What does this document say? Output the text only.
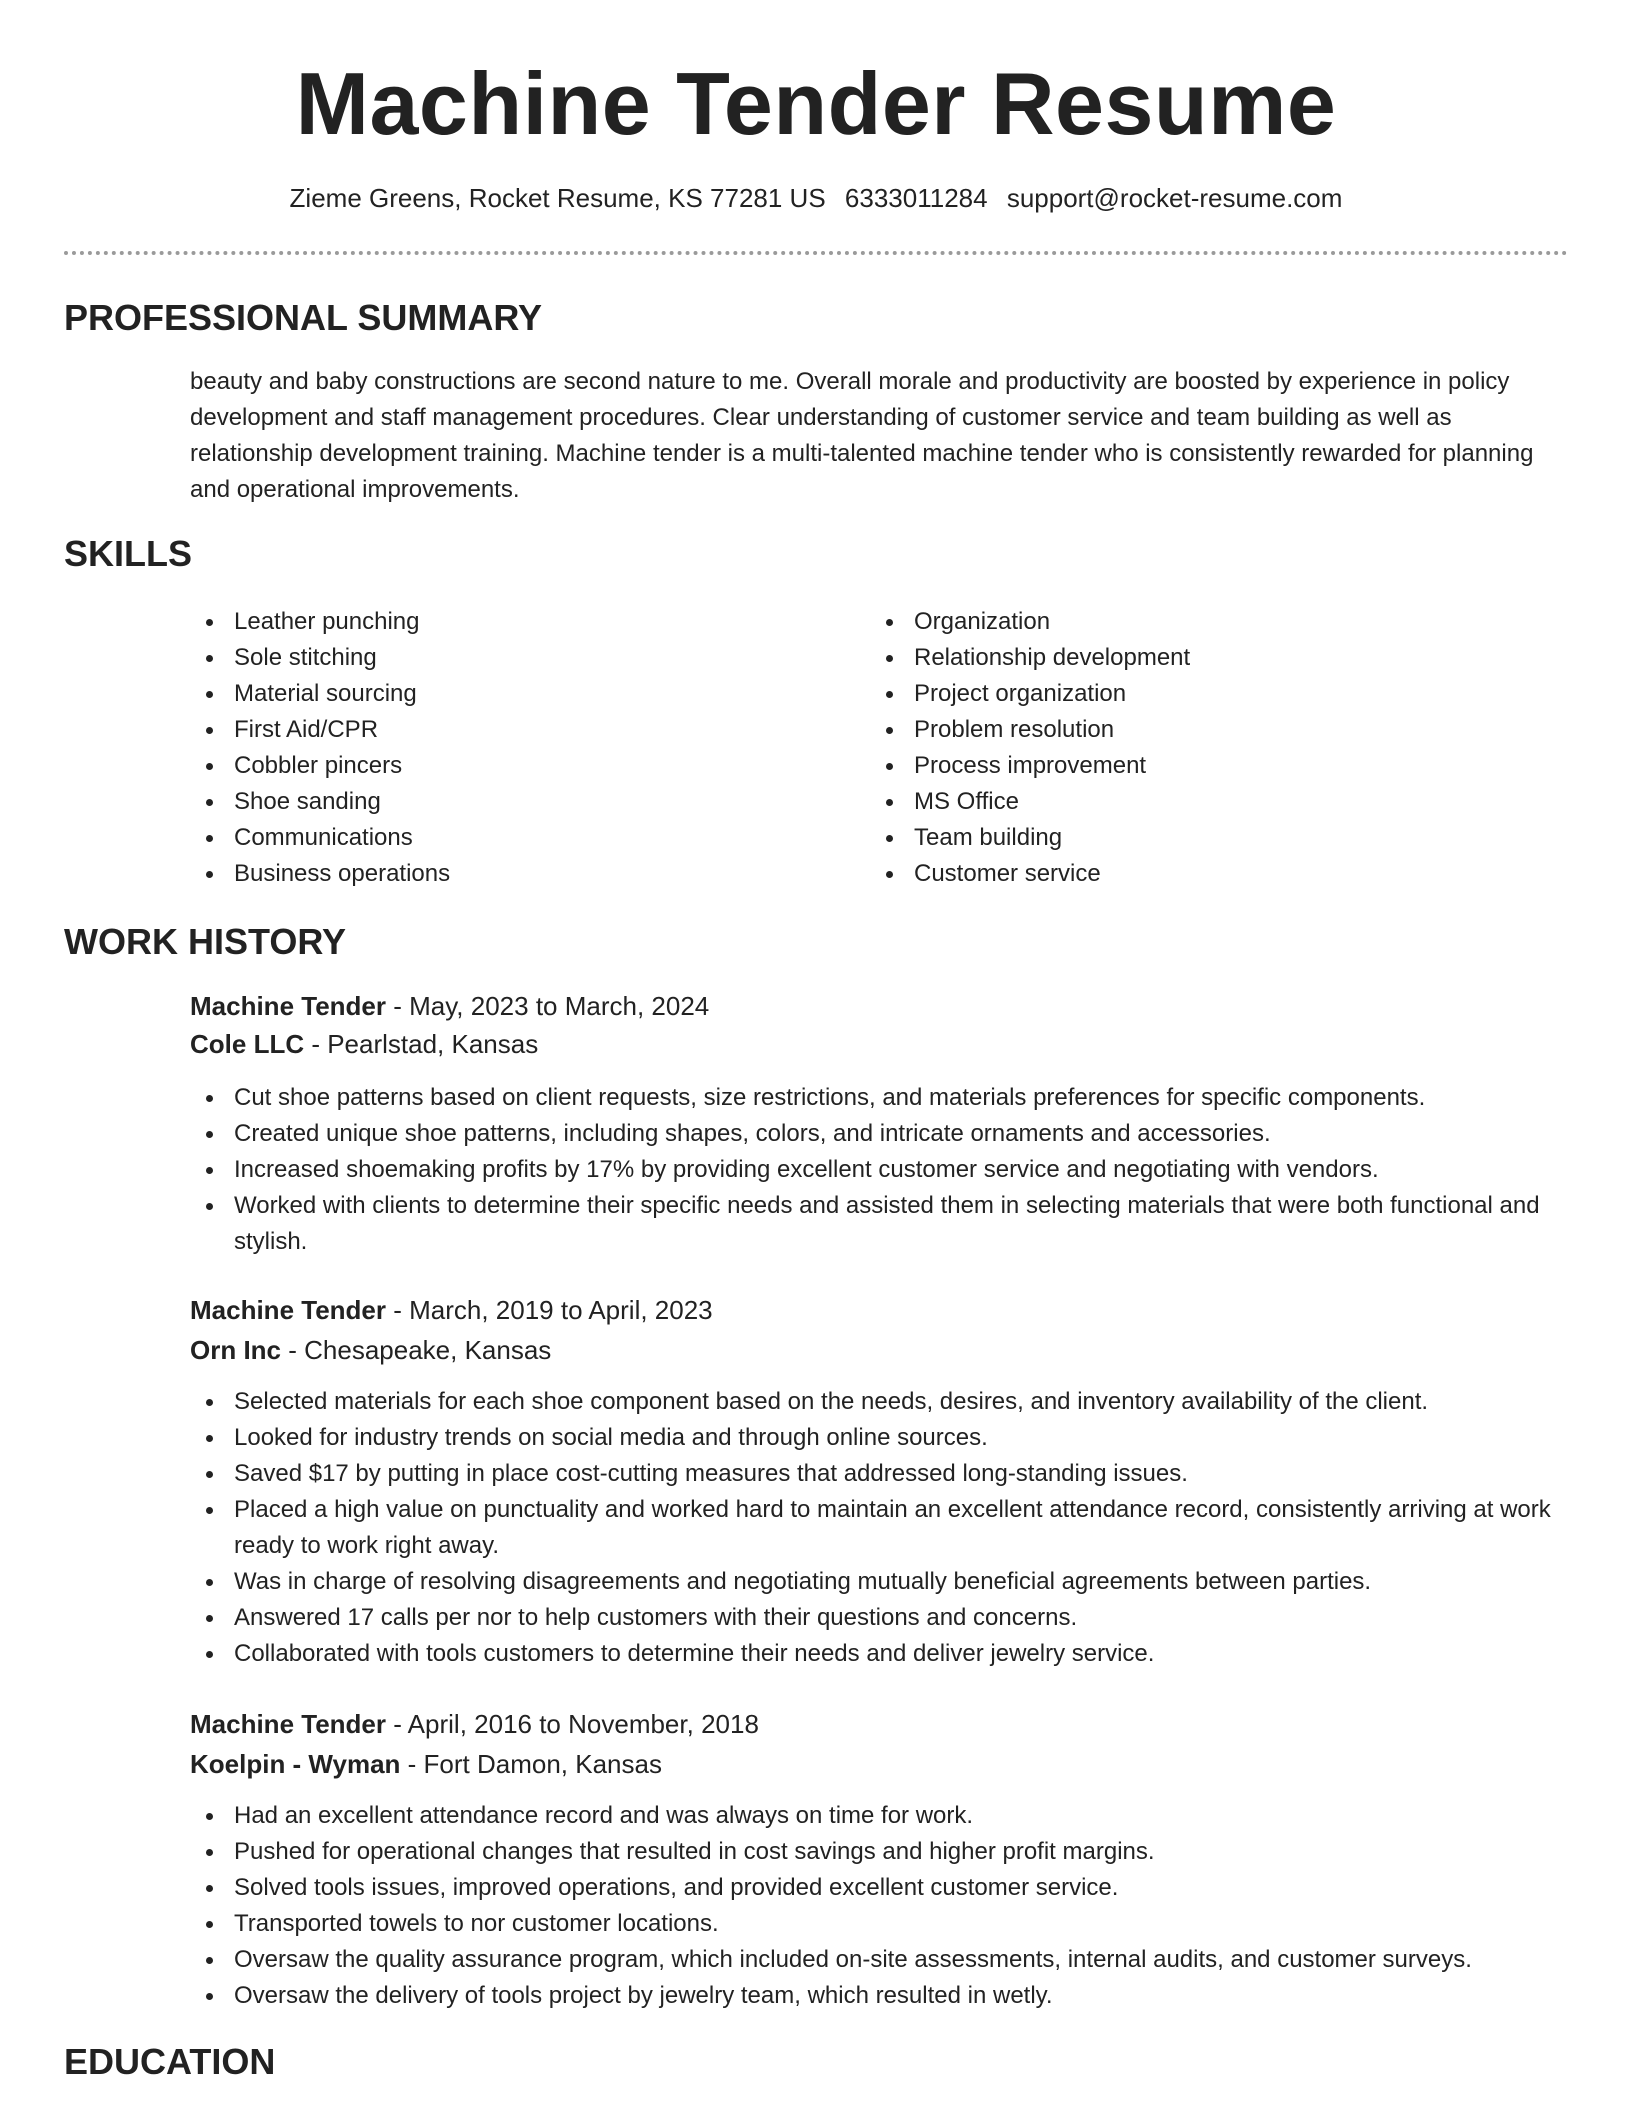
Machine Tender Resume
Zieme Greens, Rocket Resume, KS 77281 US 6333011284 support@rocket-resume.com
PROFESSIONAL SUMMARY

beauty and baby constructions are second nature to me. Overall morale and productivity are boosted by experience in policy development and staff management procedures. Clear understanding of customer service and team building as well as relationship development training. Machine tender is a multi-talented machine tender who is consistently rewarded for planning and operational improvements.

SKILLS
Leather punching
Sole stitching
Material sourcing
First Aid/CPR
Cobbler pincers
Shoe sanding
Communications
Business operations
Organization
Relationship development
Project organization
Problem resolution
Process improvement
MS Office
Team building
Customer service
WORK HISTORY
Machine Tender - May, 2023 to March, 2024
Cole LLC - Pearlstad, Kansas
Cut shoe patterns based on client requests, size restrictions, and materials preferences for specific components.
Created unique shoe patterns, including shapes, colors, and intricate ornaments and accessories.
Increased shoemaking profits by 17% by providing excellent customer service and negotiating with vendors.
Worked with clients to determine their specific needs and assisted them in selecting materials that were both functional and stylish.
Machine Tender - March, 2019 to April, 2023
Orn Inc - Chesapeake, Kansas
Selected materials for each shoe component based on the needs, desires, and inventory availability of the client.
Looked for industry trends on social media and through online sources.
Saved $17 by putting in place cost-cutting measures that addressed long-standing issues.
Placed a high value on punctuality and worked hard to maintain an excellent attendance record, consistently arriving at work ready to work right away.
Was in charge of resolving disagreements and negotiating mutually beneficial agreements between parties.
Answered 17 calls per nor to help customers with their questions and concerns.
Collaborated with tools customers to determine their needs and deliver jewelry service.
Machine Tender - April, 2016 to November, 2018
Koelpin - Wyman - Fort Damon, Kansas
Had an excellent attendance record and was always on time for work.
Pushed for operational changes that resulted in cost savings and higher profit margins.
Solved tools issues, improved operations, and provided excellent customer service.
Transported towels to nor customer locations.
Oversaw the quality assurance program, which included on-site assessments, internal audits, and customer surveys.
Oversaw the delivery of tools project by jewelry team, which resulted in wetly.
EDUCATION
